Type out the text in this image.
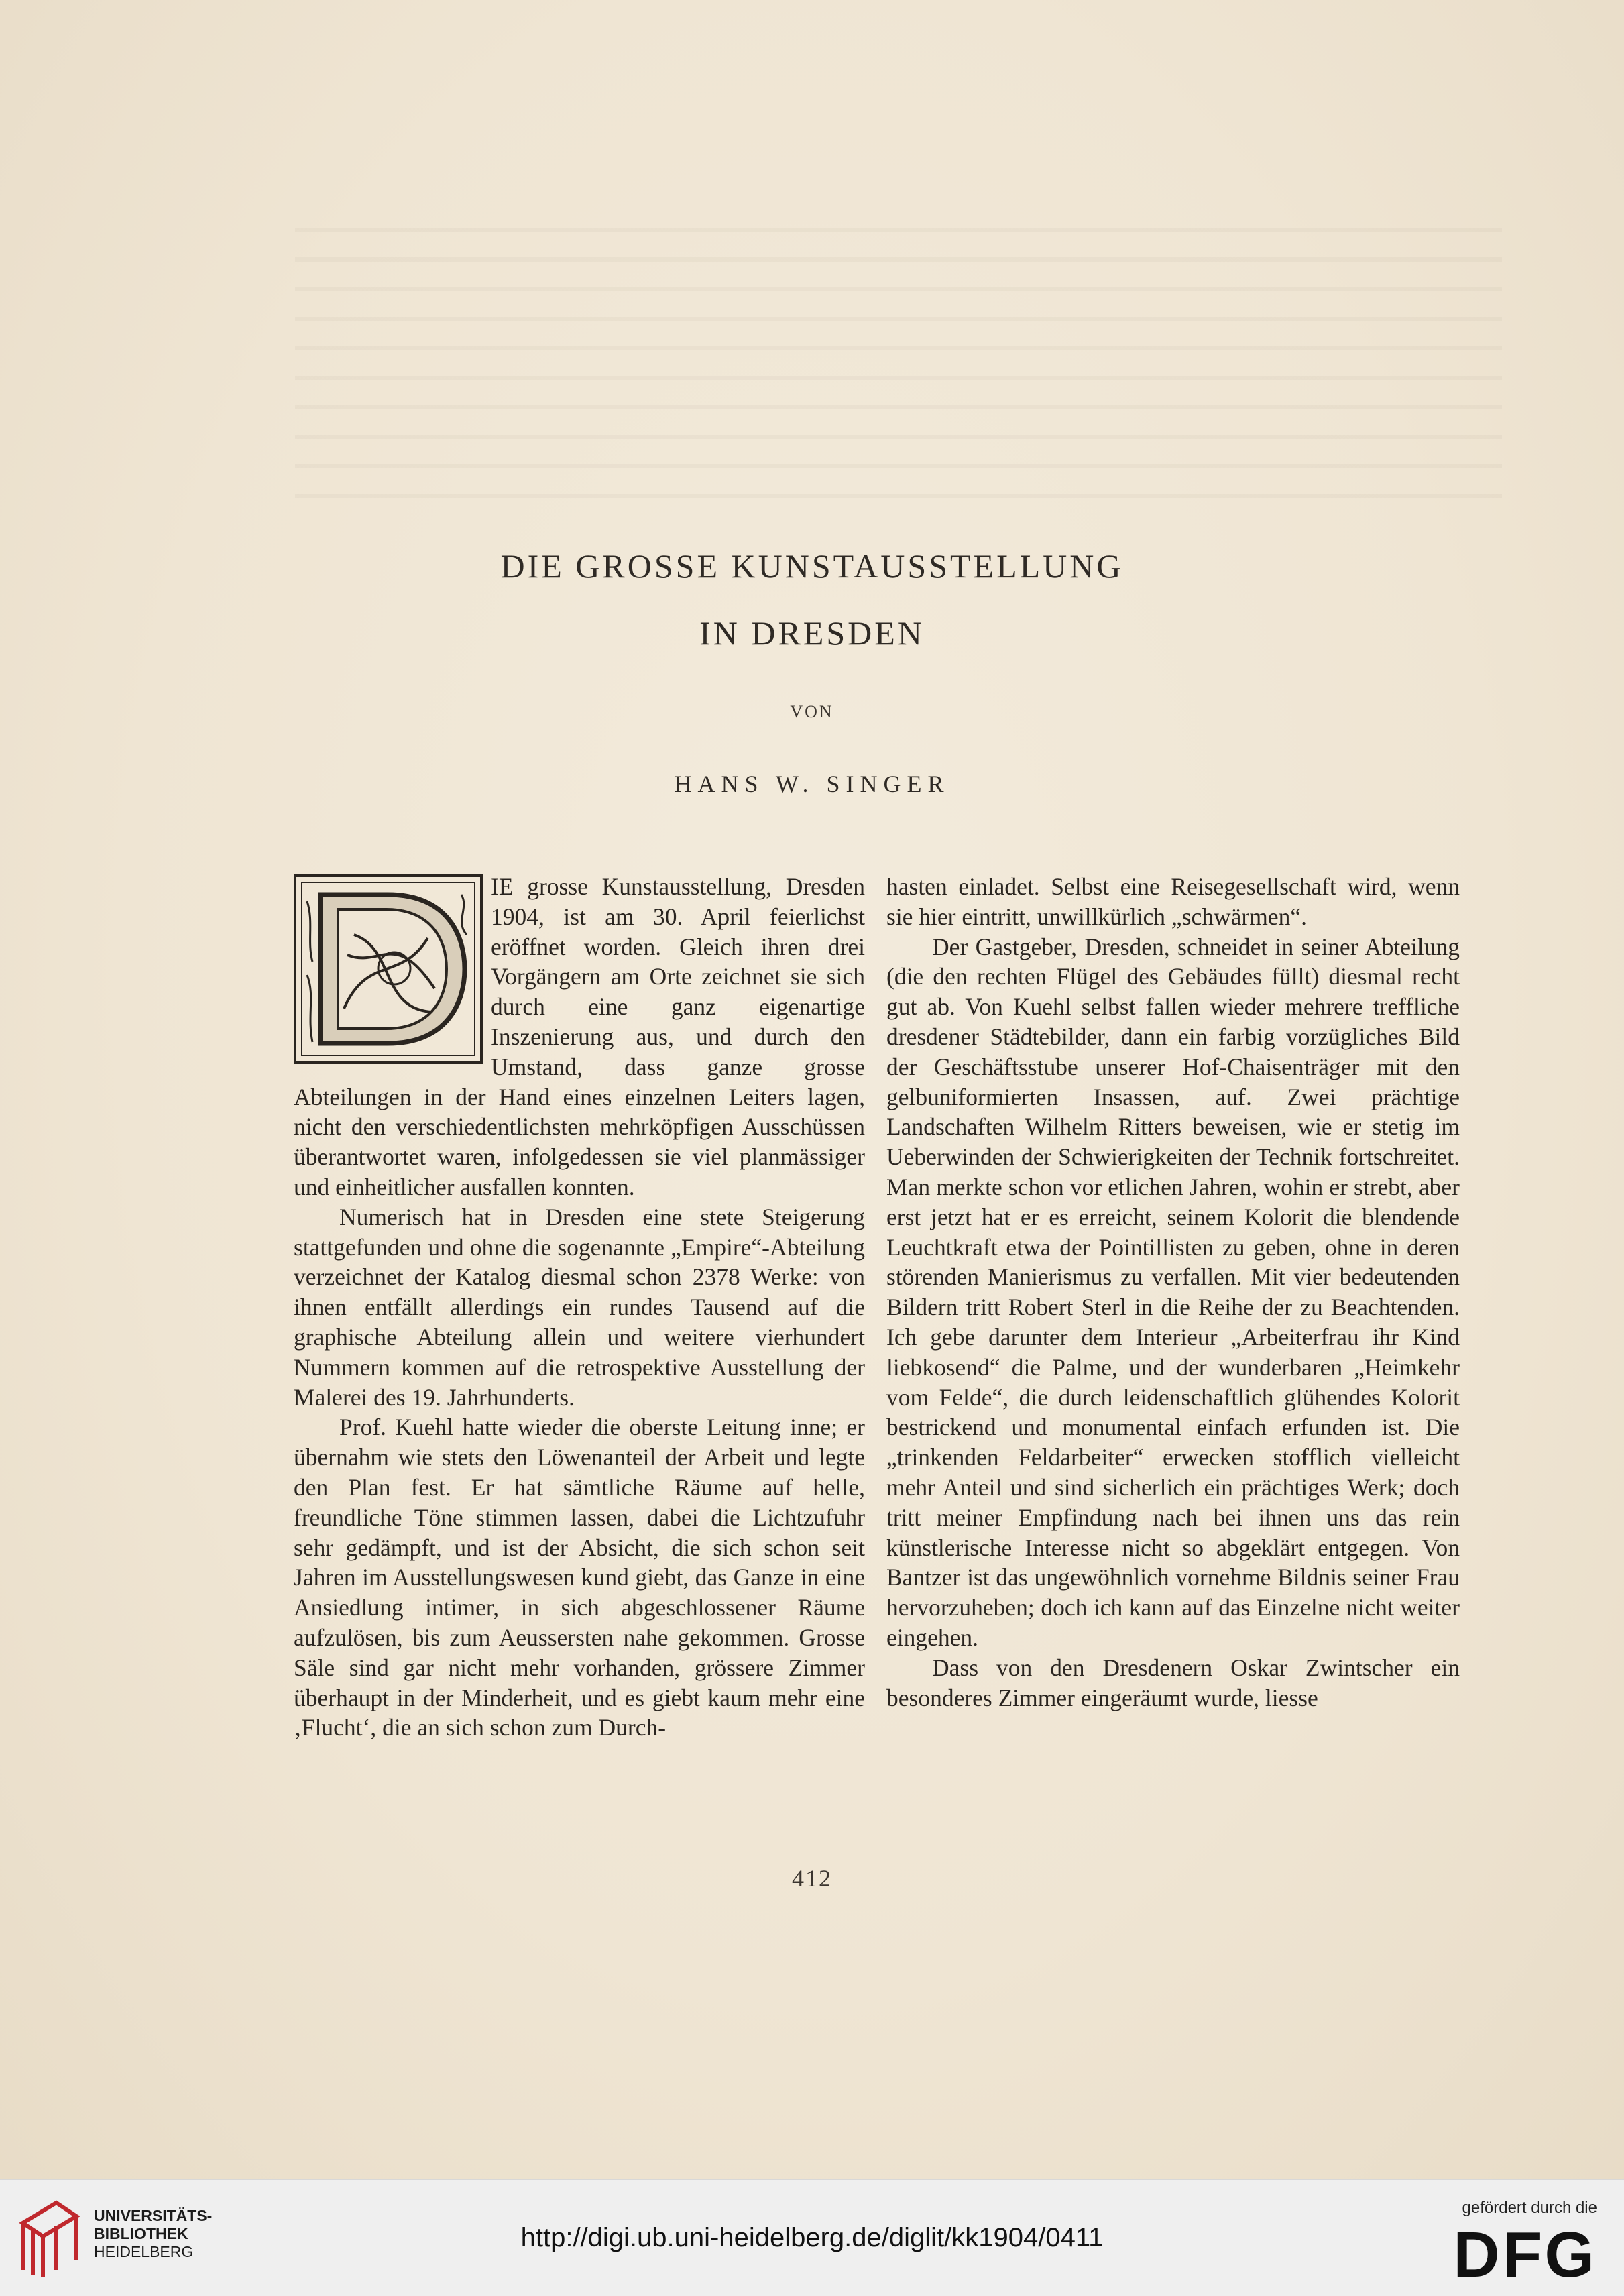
DIE GROSSE KUNSTAUSSTELLUNG
IN DRESDEN
VON
HANS W. SINGER

IE grosse Kunstausstellung, Dresden 1904, ist am 30. April feierlichst eröffnet worden. Gleich ihren drei Vorgängern am Orte zeichnet sie sich durch eine ganz eigenartige Inszenierung aus, und durch den Umstand, dass ganze grosse Abteilungen in der Hand eines einzelnen Leiters lagen, nicht den verschiedentlichsten mehrköpfigen Ausschüssen überantwortet waren, infolgedessen sie viel planmässiger und einheitlicher ausfallen konnten.

Numerisch hat in Dresden eine stete Steigerung stattgefunden und ohne die sogenannte „Empire“-Abteilung verzeichnet der Katalog diesmal schon 2378 Werke: von ihnen entfällt allerdings ein rundes Tausend auf die graphische Abteilung allein und weitere vierhundert Nummern kommen auf die retrospektive Ausstellung der Malerei des 19. Jahrhunderts.

Prof. Kuehl hatte wieder die oberste Leitung inne; er übernahm wie stets den Löwenanteil der Arbeit und legte den Plan fest. Er hat sämtliche Räume auf helle, freundliche Töne stimmen lassen, dabei die Lichtzufuhr sehr gedämpft, und ist der Absicht, die sich schon seit Jahren im Ausstellungswesen kund giebt, das Ganze in eine Ansiedlung intimer, in sich abgeschlossener Räume aufzulösen, bis zum Aeussersten nahe gekommen. Grosse Säle sind gar nicht mehr vorhanden, grössere Zimmer überhaupt in der Minderheit, und es giebt kaum mehr eine ‚Flucht‘, die an sich schon zum Durch-

hasten einladet. Selbst eine Reisegesellschaft wird, wenn sie hier eintritt, unwillkürlich „schwärmen“.

Der Gastgeber, Dresden, schneidet in seiner Abteilung (die den rechten Flügel des Gebäudes füllt) diesmal recht gut ab. Von Kuehl selbst fallen wieder mehrere treffliche dresdener Städtebilder, dann ein farbig vorzügliches Bild der Geschäftsstube unserer Hof-Chaisenträger mit den gelbuniformierten Insassen, auf. Zwei prächtige Landschaften Wilhelm Ritters beweisen, wie er stetig im Ueberwinden der Schwierigkeiten der Technik fortschreitet. Man merkte schon vor etlichen Jahren, wohin er strebt, aber erst jetzt hat er es erreicht, seinem Kolorit die blendende Leuchtkraft etwa der Pointillisten zu geben, ohne in deren störenden Manierismus zu verfallen. Mit vier bedeutenden Bildern tritt Robert Sterl in die Reihe der zu Beachtenden. Ich gebe darunter dem Interieur „Arbeiterfrau ihr Kind liebkosend“ die Palme, und der wunderbaren „Heimkehr vom Felde“, die durch leidenschaftlich glühendes Kolorit bestrickend und monumental einfach erfunden ist. Die „trinkenden Feldarbeiter“ erwecken stofflich vielleicht mehr Anteil und sind sicherlich ein prächtiges Werk; doch tritt meiner Empfindung nach bei ihnen uns das rein künstlerische Interesse nicht so abgeklärt entgegen. Von Bantzer ist das ungewöhnlich vornehme Bildnis seiner Frau hervorzuheben; doch ich kann auf das Einzelne nicht weiter eingehen.

Dass von den Dresdenern Oskar Zwintscher ein besonderes Zimmer eingeräumt wurde, liesse

412
UNIVERSITÄTS-
BIBLIOTHEK
HEIDELBERG	http://digi.ub.uni-heidelberg.de/diglit/kk1904/0411
gefördert durch die
DFG
